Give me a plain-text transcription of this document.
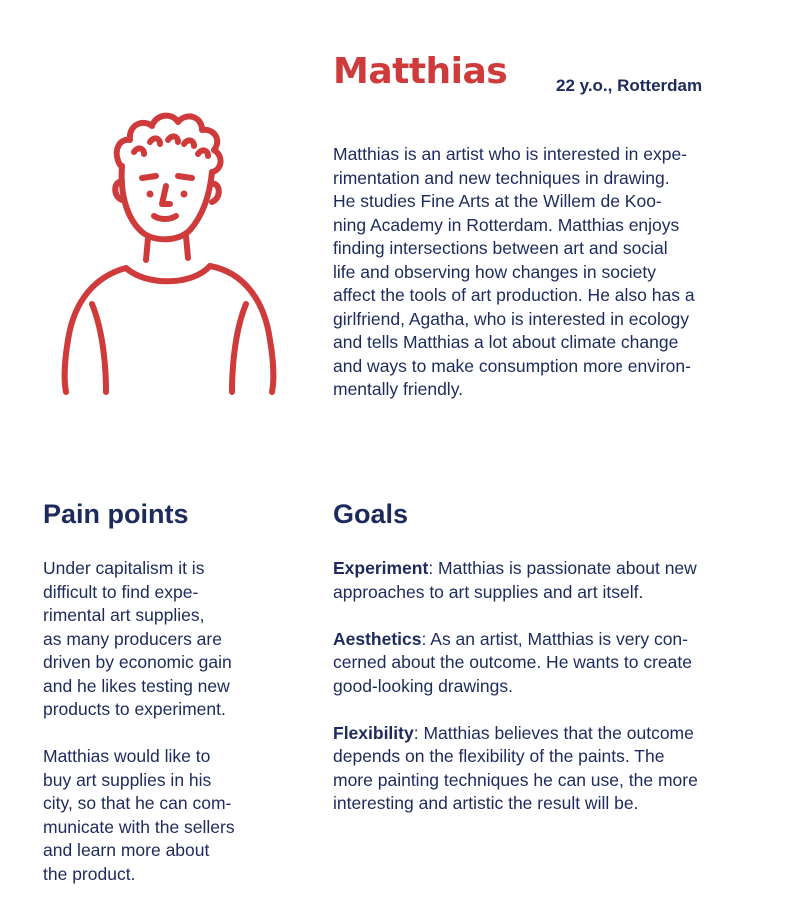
Matthias	22 y.o., Rotterdam

Matthias is an artist who is interested in expe-
rimentation and new techniques in drawing.
He studies Fine Arts at the Willem de Koo-
ning Academy in Rotterdam. Matthias enjoys
finding intersections between art and social
life and observing how changes in society
affect the tools of art production. He also has a
girlfriend, Agatha, who is interested in ecology
and tells Matthias a lot about climate change
and ways to make consumption more environ-
mentally friendly.

Pain points	Goals

Under capitalism it is
difficult to find expe-
rimental art supplies,
as many producers are
driven by economic gain
and he likes testing new
products to experiment.

Matthias would like to
buy art supplies in his
city, so that he can com-
municate with the sellers
and learn more about
the product.

Experiment: Matthias is passionate about new
approaches to art supplies and art itself.

Aesthetics: As an artist, Matthias is very con-
cerned about the outcome. He wants to create
good-looking drawings.

Flexibility: Matthias believes that the outcome
depends on the flexibility of the paints. The
more painting techniques he can use, the more
interesting and artistic the result will be.
